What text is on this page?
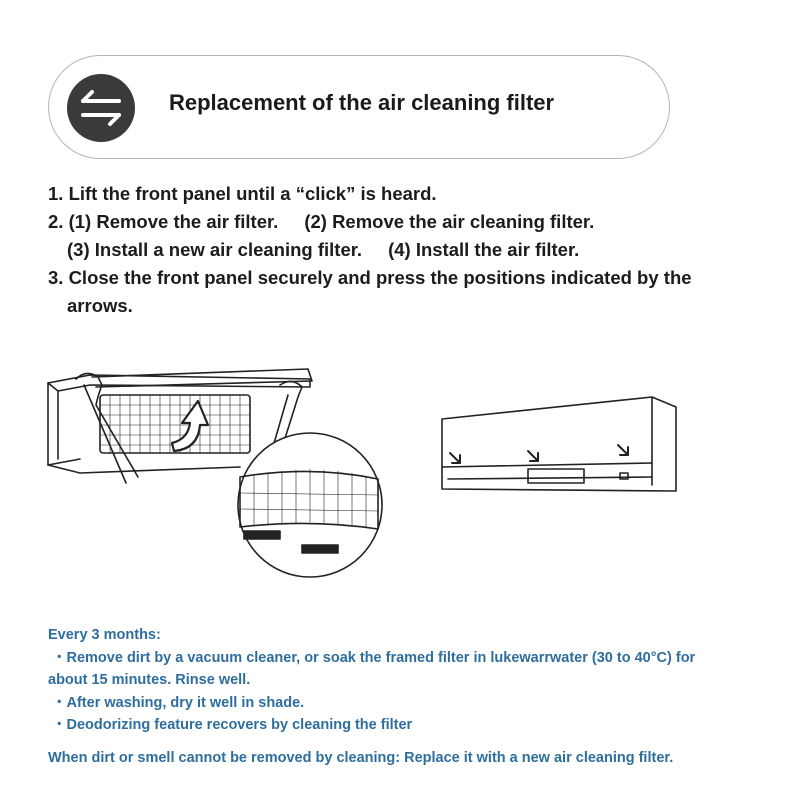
Replacement of the air cleaning filter
1. Lift the front panel until a “click” is heard.
2. (1) Remove the air filter. (2) Remove the air cleaning filter.
(3) Install a new air cleaning filter. (4) Install the air filter.
3. Close the front panel securely and press the positions indicated by the
arrows.
Every 3 months:
・Remove dirt by a vacuum cleaner, or soak the framed filter in lukewarrwater (30 to 40°C) for
about 15 minutes. Rinse well.
・After washing, dry it well in shade.
・Deodorizing feature recovers by cleaning the filter
When dirt or smell cannot be removed by cleaning: Replace it with a new air cleaning filter.
